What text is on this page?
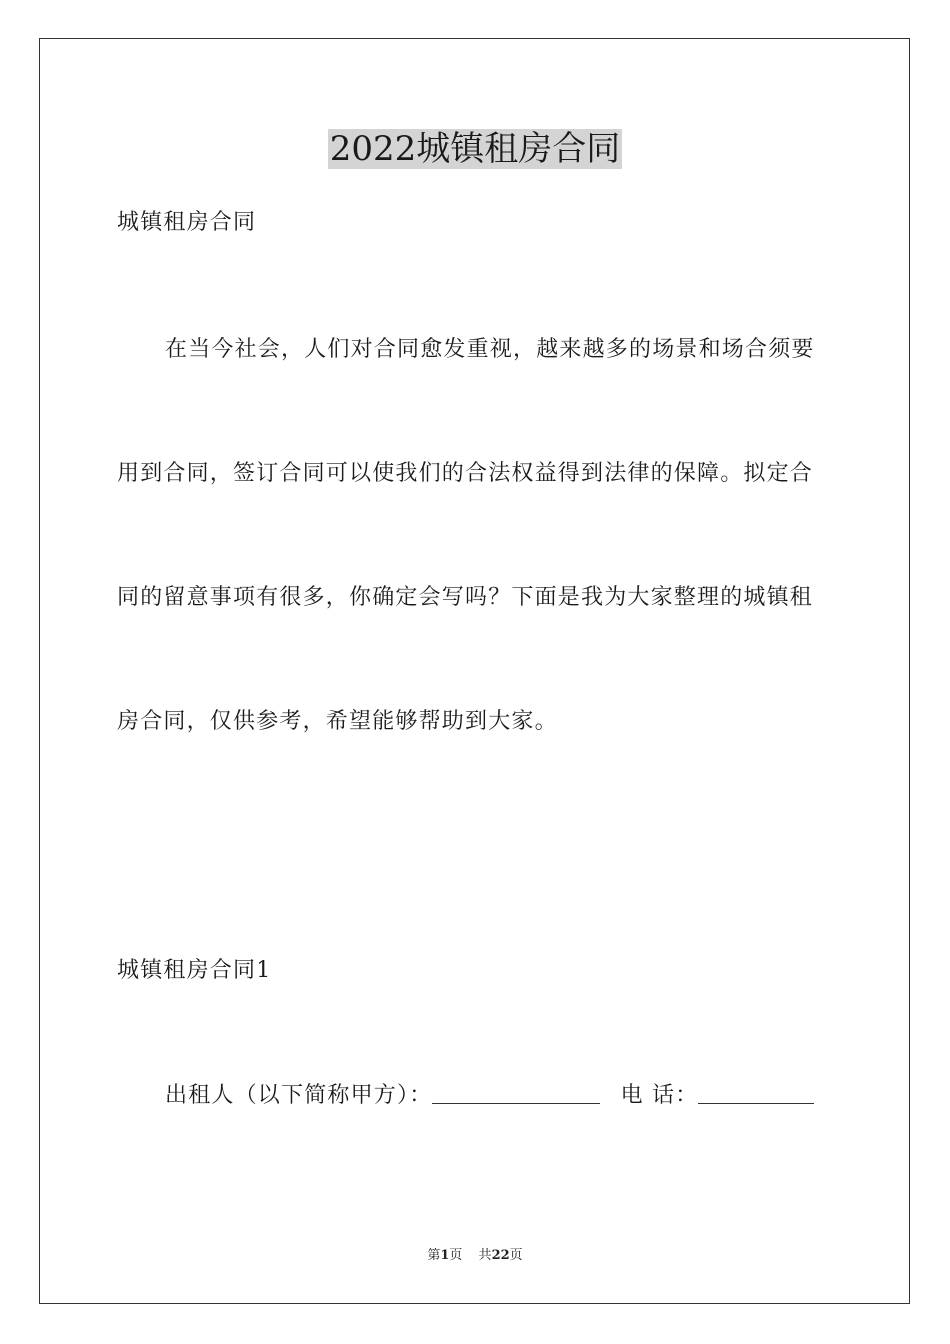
2022城镇租房合同
城镇租房合同
在当今社会，人们对合同愈发重视，越来越多的场景和场合须要
用到合同，签订合同可以使我们的合法权益得到法律的保障。拟定合
同的留意事项有很多，你确定会写吗？下面是我为大家整理的城镇租
房合同，仅供参考，希望能够帮助到大家。
城镇租房合同1
出租人（以下简称甲方）：	电 话：
第1页 共22页
